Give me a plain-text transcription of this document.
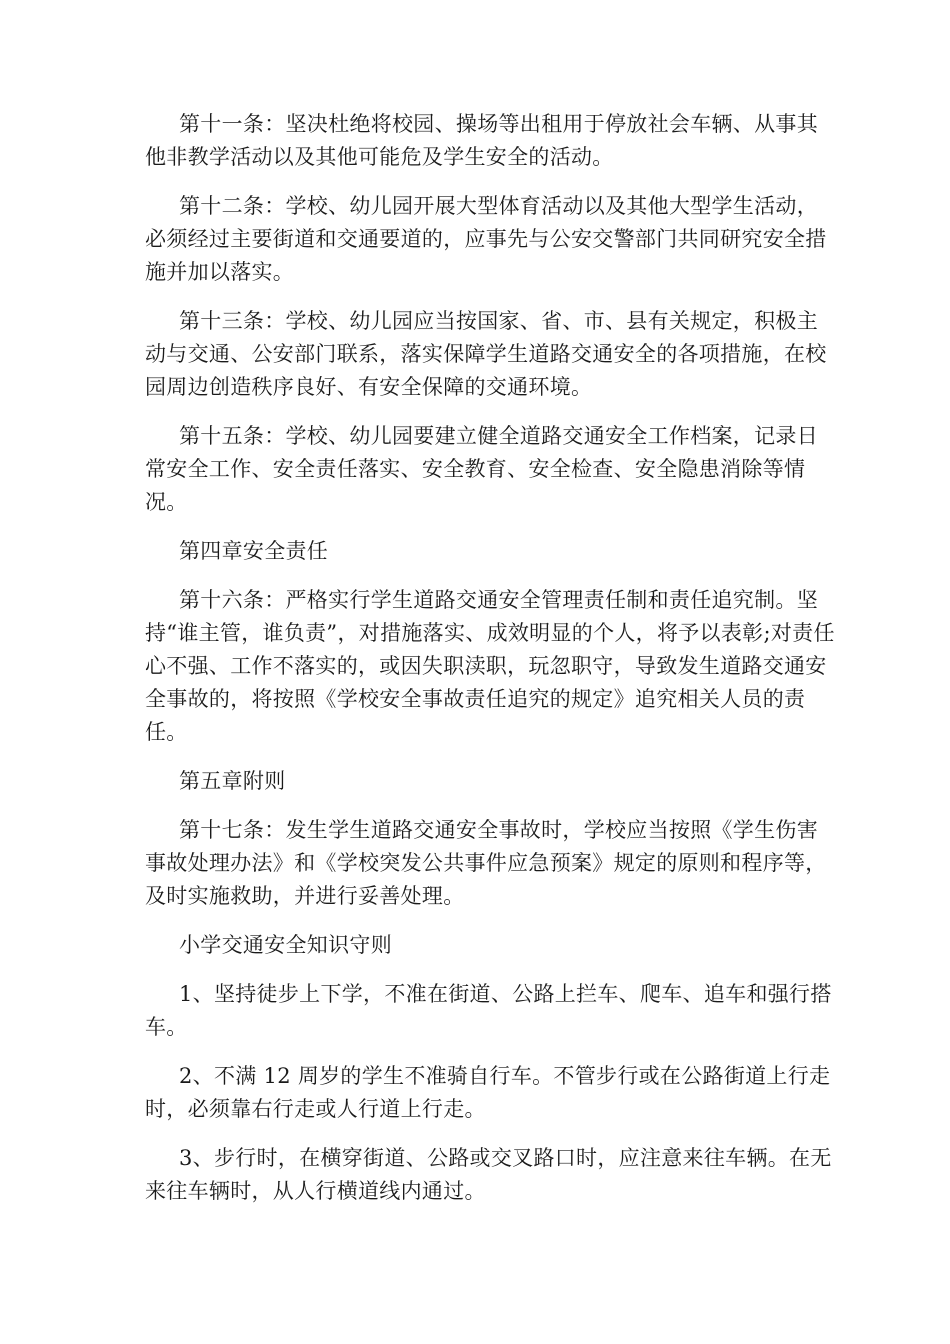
第十一条：坚决杜绝将校园、操场等出租用于停放社会车辆、从事其他非教学活动以及其他可能危及学生安全的活动。

第十二条：学校、幼儿园开展大型体育活动以及其他大型学生活动，必须经过主要街道和交通要道的，应事先与公安交警部门共同研究安全措施并加以落实。

第十三条：学校、幼儿园应当按国家、省、市、县有关规定，积极主动与交通、公安部门联系，落实保障学生道路交通安全的各项措施，在校园周边创造秩序良好、有安全保障的交通环境。

第十五条：学校、幼儿园要建立健全道路交通安全工作档案，记录日常安全工作、安全责任落实、安全教育、安全检查、安全隐患消除等情况。

第四章安全责任

第十六条：严格实行学生道路交通安全管理责任制和责任追究制。坚持“谁主管，谁负责”，对措施落实、成效明显的个人，将予以表彰;对责任心不强、工作不落实的，或因失职渎职，玩忽职守，导致发生道路交通安全事故的，将按照《学校安全事故责任追究的规定》追究相关人员的责任。

第五章附则

第十七条：发生学生道路交通安全事故时，学校应当按照《学生伤害事故处理办法》和《学校突发公共事件应急预案》规定的原则和程序等，及时实施救助，并进行妥善处理。

小学交通安全知识守则

1、坚持徒步上下学，不准在街道、公路上拦车、爬车、追车和强行搭车。

2、不满 12 周岁的学生不准骑自行车。不管步行或在公路街道上行走时，必须靠右行走或人行道上行走。

3、步行时，在横穿街道、公路或交叉路口时，应注意来往车辆。在无来往车辆时，从人行横道线内通过。
